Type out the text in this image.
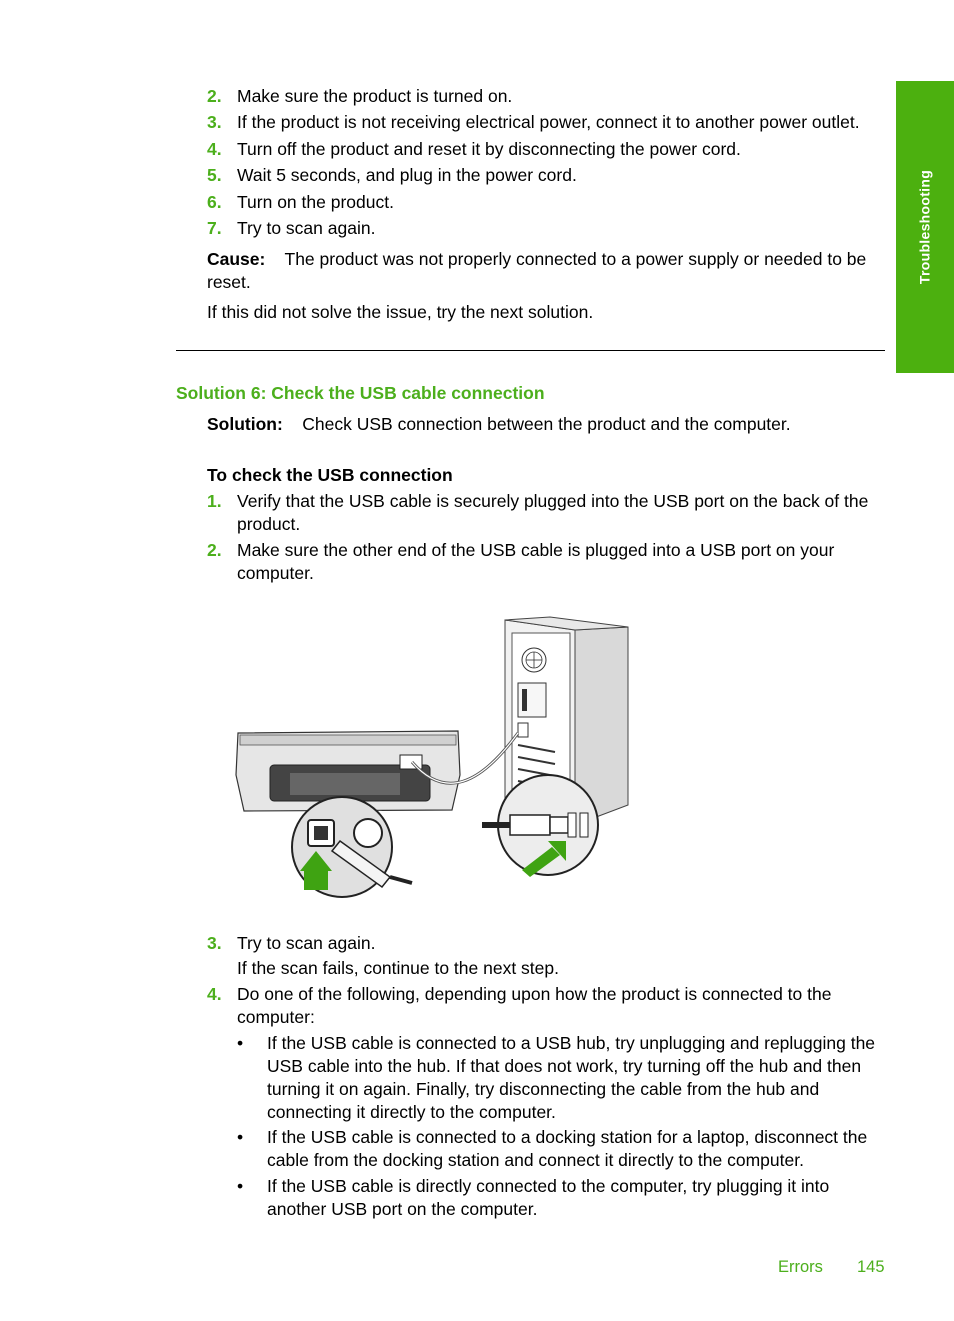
Troubleshooting
2. Make sure the product is turned on.
3. If the product is not receiving electrical power, connect it to another power outlet.
4. Turn off the product and reset it by disconnecting the power cord.
5. Wait 5 seconds, and plug in the power cord.
6. Turn on the product.
7. Try to scan again.
Cause: The product was not properly connected to a power supply or needed to be reset.
If this did not solve the issue, try the next solution.
Solution 6: Check the USB cable connection
Solution: Check USB connection between the product and the computer.
To check the USB connection
1. Verify that the USB cable is securely plugged into the USB port on the back of the product.
2. Make sure the other end of the USB cable is plugged into a USB port on your computer.
3. Try to scan again.
If the scan fails, continue to the next step.
4. Do one of the following, depending upon how the product is connected to the computer:
• If the USB cable is connected to a USB hub, try unplugging and replugging the USB cable into the hub. If that does not work, try turning off the hub and then turning it on again. Finally, try disconnecting the cable from the hub and connecting it directly to the computer.
• If the USB cable is connected to a docking station for a laptop, disconnect the cable from the docking station and connect it directly to the computer.
• If the USB cable is directly connected to the computer, try plugging it into another USB port on the computer.
Errors 145
